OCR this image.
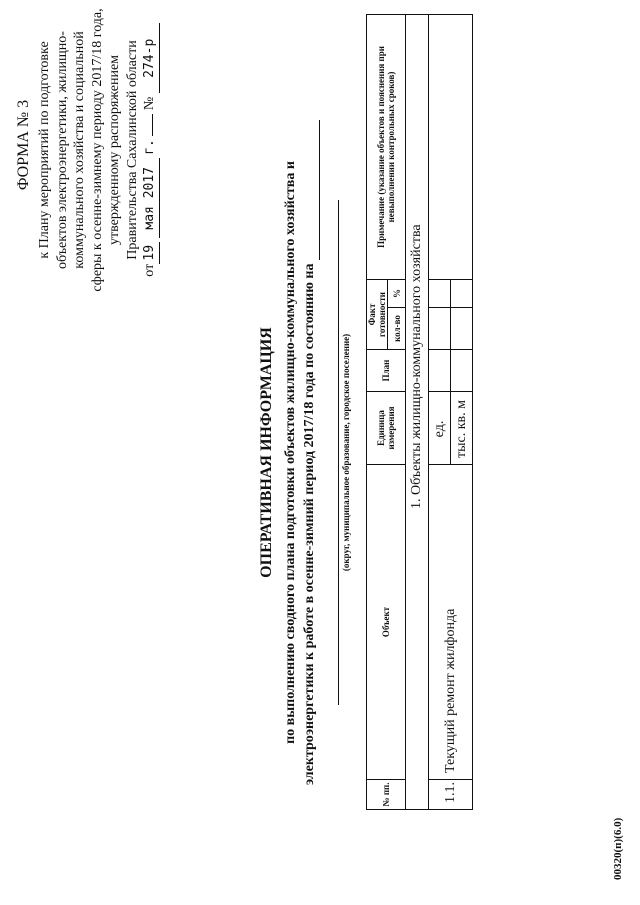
ФОРМА № 3 к Плану мероприятий по подготовке объектов электроэнергетики, жилищно- коммунального хозяйства и социальной сферы к осенне-зимнему периоду 2017/18 года, утвержденному распоряжением Правительства Сахалинской области
от19 мая 2017 г.  № 274-р
ОПЕРАТИВНАЯ ИНФОРМАЦИЯ по выполнению сводного плана подготовки объектов жилищно-коммунального хозяйства и электроэнергетики к работе в осенне-зимний период 2017/18 года по состоянию на	(округ, муниципальное образование, городское поселение)
№ пп.	Объект	Единица измерения	План	Факт готовности		Примечание (указание объектов и пояснения при невыполнении контрольных сроков)
				кол-во	%	
1. Объекты жилищно-коммунального хозяйства						
1.1.	Текущий ремонт жилфонда	ед.				
		тыс. кв. м				
00320(п)(6.0)
